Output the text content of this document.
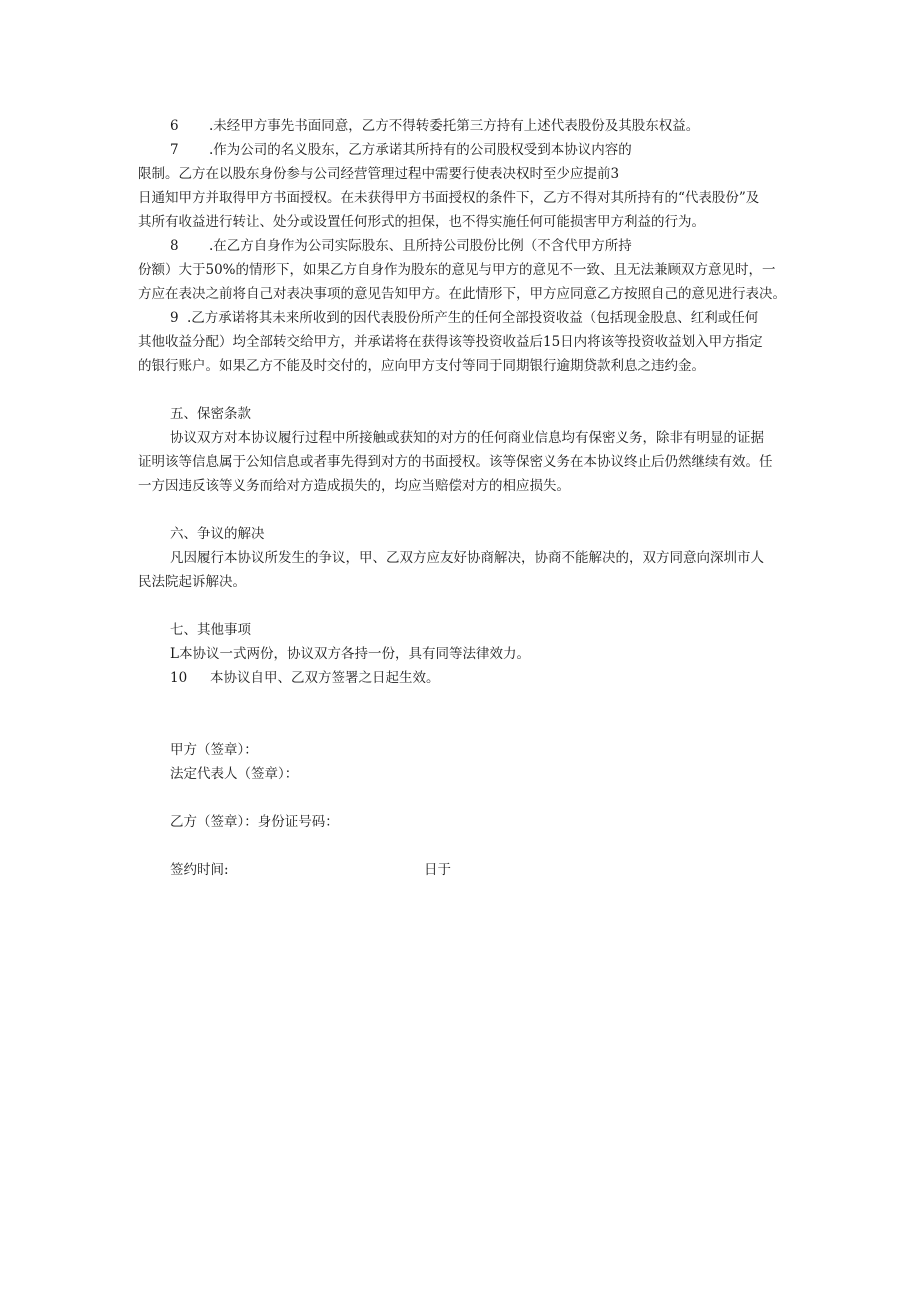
6 .未经甲方事先书面同意，乙方不得转委托第三方持有上述代表股份及其股东权益。
7 .作为公司的名义股东，乙方承诺其所持有的公司股权受到本协议内容的
限制。乙方在以股东身份参与公司经营管理过程中需要行使表决权时至少应提前3
日通知甲方并取得甲方书面授权。在未获得甲方书面授权的条件下，乙方不得对其所持有的“代表股份”及
其所有收益进行转让、处分或设置任何形式的担保，也不得实施任何可能损害甲方利益的行为。
8 .在乙方自身作为公司实际股东、且所持公司股份比例（不含代甲方所持
份额）大于50%的情形下，如果乙方自身作为股东的意见与甲方的意见不一致、且无法兼顾双方意见时，一
方应在表决之前将自己对表决事项的意见告知甲方。在此情形下，甲方应同意乙方按照自己的意见进行表决。
9 .乙方承诺将其未来所收到的因代表股份所产生的任何全部投资收益（包括现金股息、红利或任何
其他收益分配）均全部转交给甲方，并承诺将在获得该等投资收益后15日内将该等投资收益划入甲方指定
的银行账户。如果乙方不能及时交付的，应向甲方支付等同于同期银行逾期贷款利息之违约金。
五、保密条款
协议双方对本协议履行过程中所接触或获知的对方的任何商业信息均有保密义务，除非有明显的证据
证明该等信息属于公知信息或者事先得到对方的书面授权。该等保密义务在本协议终止后仍然继续有效。任
一方因违反该等义务而给对方造成损失的，均应当赔偿对方的相应损失。
六、争议的解决
凡因履行本协议所发生的争议，甲、乙双方应友好协商解决，协商不能解决的，双方同意向深圳市人
民法院起诉解决。
七、其他事项
L本协议一式两份，协议双方各持一份，具有同等法律效力。
10 本协议自甲、乙双方签署之日起生效。
甲方（签章）：
法定代表人（签章）：
乙方（签章）：身份证号码：
签约时间:	日于
